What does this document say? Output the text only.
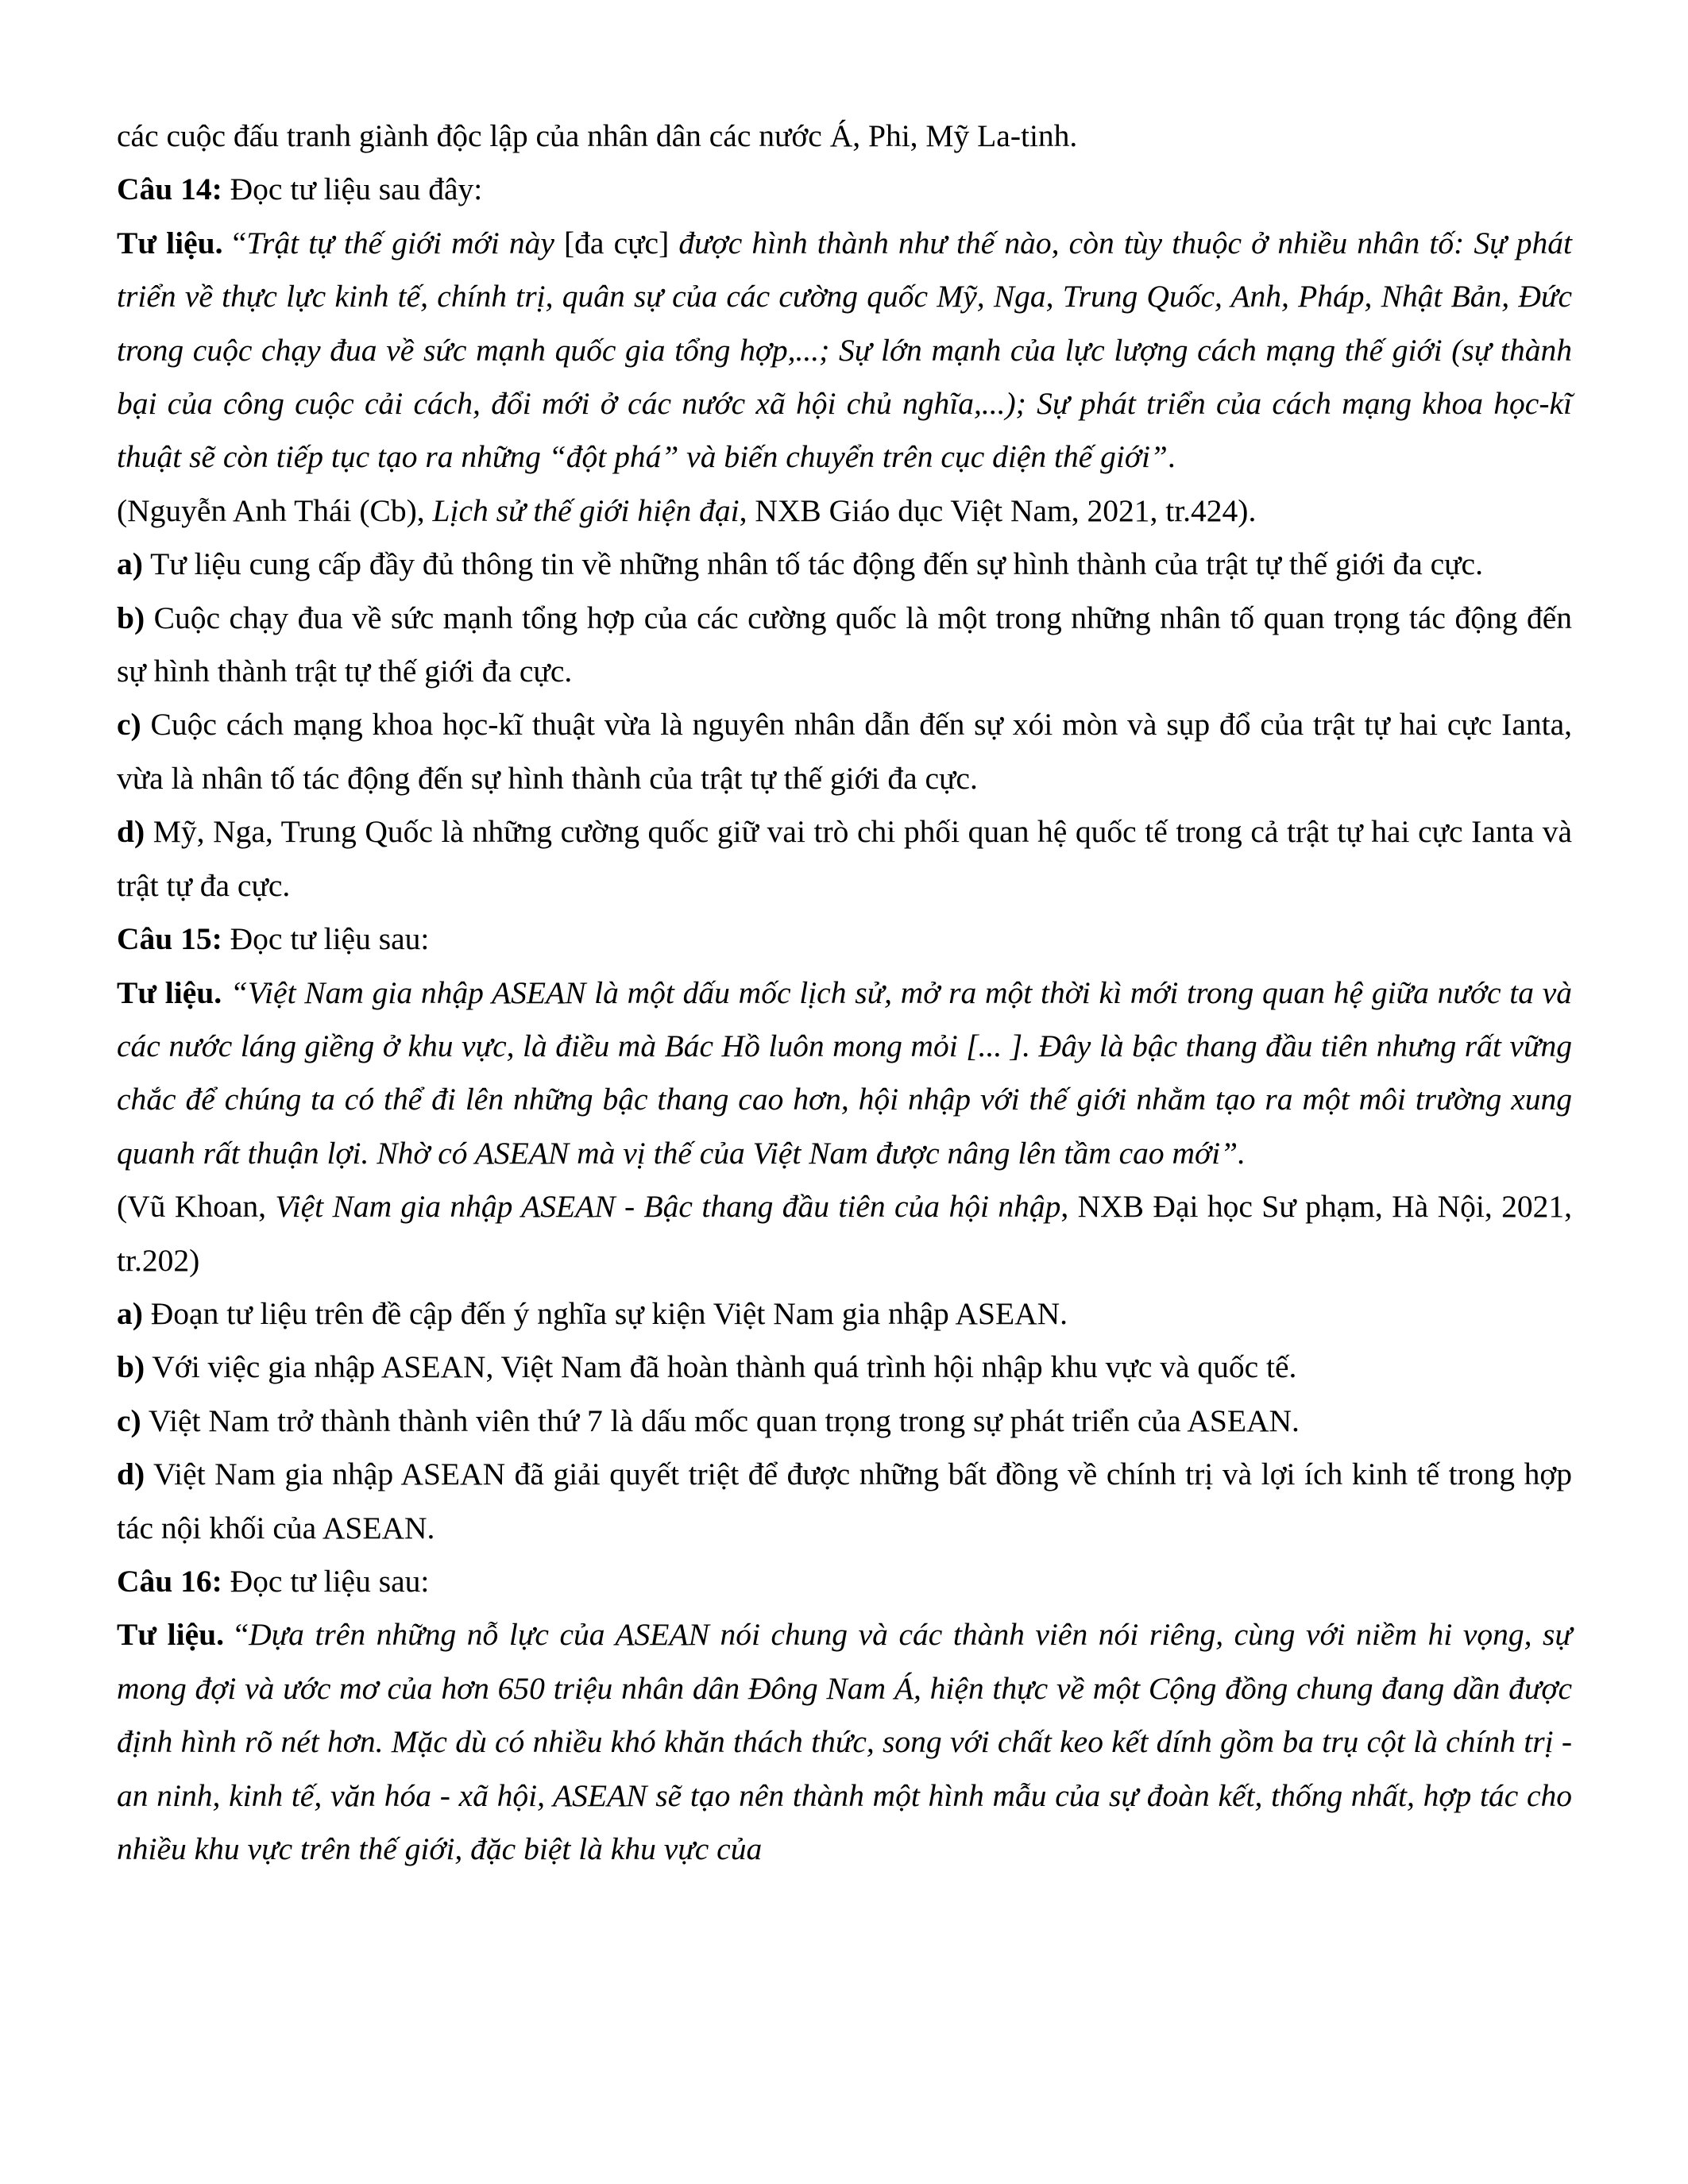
các cuộc đấu tranh giành độc lập của nhân dân các nước Á, Phi, Mỹ La-tinh.

Câu 14: Đọc tư liệu sau đây:

Tư liệu. “Trật tự thế giới mới này [đa cực] được hình thành như thế nào, còn tùy thuộc ở nhiều nhân tố: Sự phát triển về thực lực kinh tế, chính trị, quân sự của các cường quốc Mỹ, Nga, Trung Quốc, Anh, Pháp, Nhật Bản, Đức trong cuộc chạy đua về sức mạnh quốc gia tổng hợp,...; Sự lớn mạnh của lực lượng cách mạng thế giới (sự thành bại của công cuộc cải cách, đổi mới ở các nước xã hội chủ nghĩa,...); Sự phát triển của cách mạng khoa học-kĩ thuật sẽ còn tiếp tục tạo ra những “đột phá” và biến chuyển trên cục diện thế giới”.

(Nguyễn Anh Thái (Cb), Lịch sử thế giới hiện đại, NXB Giáo dục Việt Nam, 2021, tr.424).

a) Tư liệu cung cấp đầy đủ thông tin về những nhân tố tác động đến sự hình thành của trật tự thế giới đa cực.

b) Cuộc chạy đua về sức mạnh tổng hợp của các cường quốc là một trong những nhân tố quan trọng tác động đến sự hình thành trật tự thế giới đa cực.

c) Cuộc cách mạng khoa học-kĩ thuật vừa là nguyên nhân dẫn đến sự xói mòn và sụp đổ của trật tự hai cực Ianta, vừa là nhân tố tác động đến sự hình thành của trật tự thế giới đa cực.

d) Mỹ, Nga, Trung Quốc là những cường quốc giữ vai trò chi phối quan hệ quốc tế trong cả trật tự hai cực Ianta và trật tự đa cực.

Câu 15: Đọc tư liệu sau:

Tư liệu. “Việt Nam gia nhập ASEAN là một dấu mốc lịch sử, mở ra một thời kì mới trong quan hệ giữa nước ta và các nước láng giềng ở khu vực, là điều mà Bác Hồ luôn mong mỏi [... ]. Đây là bậc thang đầu tiên nhưng rất vững chắc để chúng ta có thể đi lên những bậc thang cao hơn, hội nhập với thế giới nhằm tạo ra một môi trường xung quanh rất thuận lợi. Nhờ có ASEAN mà vị thế của Việt Nam được nâng lên tầm cao mới”.

(Vũ Khoan, Việt Nam gia nhập ASEAN - Bậc thang đầu tiên của hội nhập, NXB Đại học Sư phạm, Hà Nội, 2021, tr.202)

a) Đoạn tư liệu trên đề cập đến ý nghĩa sự kiện Việt Nam gia nhập ASEAN.

b) Với việc gia nhập ASEAN, Việt Nam đã hoàn thành quá trình hội nhập khu vực và quốc tế.

c) Việt Nam trở thành thành viên thứ 7 là dấu mốc quan trọng trong sự phát triển của ASEAN.

d) Việt Nam gia nhập ASEAN đã giải quyết triệt để được những bất đồng về chính trị và lợi ích kinh tế trong hợp tác nội khối của ASEAN.

Câu 16: Đọc tư liệu sau:

Tư liệu. “Dựa trên những nỗ lực của ASEAN nói chung và các thành viên nói riêng, cùng với niềm hi vọng, sự mong đợi và ước mơ của hơn 650 triệu nhân dân Đông Nam Á, hiện thực về một Cộng đồng chung đang dần được định hình rõ nét hơn. Mặc dù có nhiều khó khăn thách thức, song với chất keo kết dính gồm ba trụ cột là chính trị - an ninh, kinh tế, văn hóa - xã hội, ASEAN sẽ tạo nên thành một hình mẫu của sự đoàn kết, thống nhất, hợp tác cho nhiều khu vực trên thế giới, đặc biệt là khu vực của
